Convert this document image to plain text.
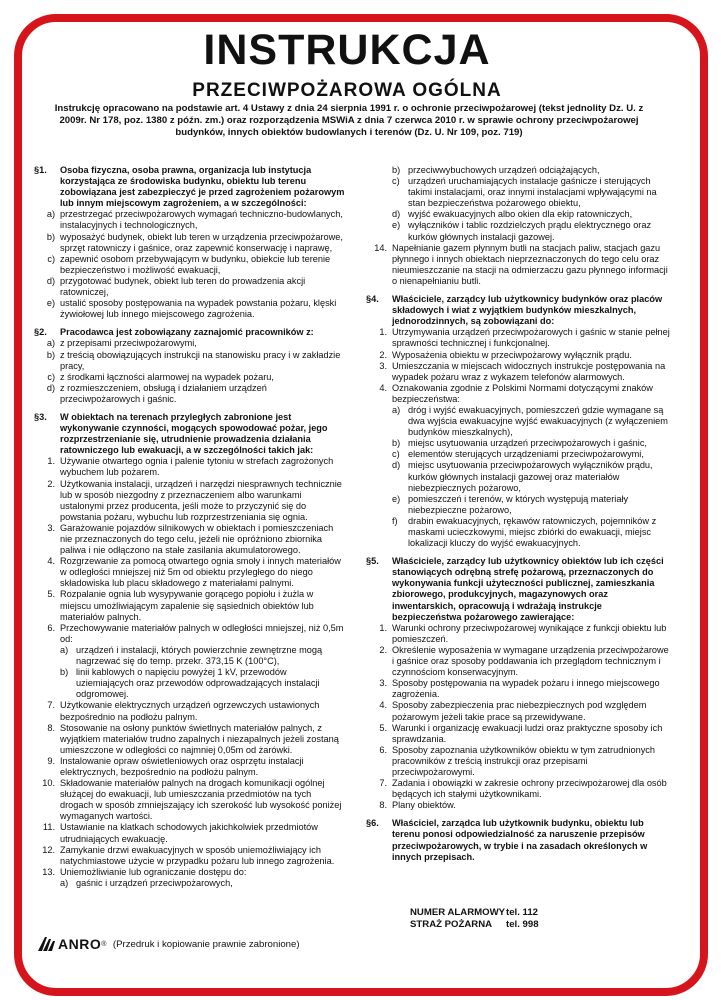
INSTRUKCJA
PRZECIWPOŻAROWA OGÓLNA
Instrukcję opracowano na podstawie art. 4 Ustawy z dnia 24 sierpnia 1991 r. o ochronie przeciwpożarowej (tekst jednolity Dz. U. z 2009r. Nr 178, poz. 1380 z późn. zm.) oraz rozporządzenia MSWiA z dnia 7 czerwca 2010 r. w sprawie ochrony przeciwpożarowej budynków, innych obiektów budowlanych i terenów (Dz. U. Nr 109, poz. 719)
§1.	Osoba fizyczna, osoba prawna, organizacja lub instytucja korzystająca ze środowiska budynku, obiektu lub terenu zobowiązana jest zabezpieczyć je przed zagrożeniem pożarowym lub innym miejscowym zagrożeniem, a w szczególności:
a) przestrzegać przeciwpożarowych wymagań techniczno-budowlanych, instalacyjnych i technologicznych,
b) wyposażyć budynek, obiekt lub teren w urządzenia przeciwpożarowe, sprzęt ratowniczy i gaśnice, oraz zapewnić konserwację i naprawę,
c) zapewnić osobom przebywającym w budynku, obiekcie lub terenie bezpieczeństwo i możliwość ewakuacji,
d) przygotować budynek, obiekt lub teren do prowadzenia akcji ratowniczej,
e) ustalić sposoby postępowania na wypadek powstania pożaru, klęski żywiołowej lub innego miejscowego zagrożenia.
§2.	Pracodawca jest zobowiązany zaznajomić pracowników z:
a) z przepisami przeciwpożarowymi,
b) z treścią obowiązujących instrukcji na stanowisku pracy i w zakładzie pracy,
c) z środkami łączności alarmowej na wypadek pożaru,
d) z rozmieszczeniem, obsługą i działaniem urządzeń przeciwpożarowych i gaśnic.
§3.	W obiektach na terenach przyległych zabronione jest wykonywanie czynności, mogących spowodować pożar, jego rozprzestrzenianie się, utrudnienie prowadzenia działania ratowniczego lub ewakuacji, a w szczególności takich jak:
1. Używanie otwartego ognia i palenie tytoniu w strefach zagrożonych wybuchem lub pożarem.
2. Użytkowania instalacji, urządzeń i narzędzi niesprawnych technicznie lub w sposób niezgodny z przeznaczeniem albo warunkami ustalonymi przez producenta, jeśli może to przyczynić się do powstania pożaru, wybuchu lub rozprzestrzeniania się ognia.
3. Garażowanie pojazdów silnikowych w obiektach i pomieszczeniach nie przeznaczonych do tego celu, jeżeli nie opróżniono zbiornika paliwa i nie odłączono na stałe zasilania akumulatorowego.
4. Rozgrzewanie za pomocą otwartego ognia smoły i innych materiałów w odległości mniejszej niż 5m od obiektu przyległego do niego składowiska lub placu składowego z materiałami palnymi.
5. Rozpalanie ognia lub wysypywanie gorącego popiołu i żużla w miejscu umożliwiającym zapalenie się sąsiednich obiektów lub materiałów palnych.
6. Przechowywanie materiałów palnych w odległości mniejszej, niż 0,5m od:
a) urządzeń i instalacji, których powierzchnie zewnętrzne mogą nagrzewać się do temp. przekr. 373,15 K (100°C),
b) linii kablowych o napięciu powyżej 1 kV, przewodów uziemiających oraz przewodów odprowadzających instalacji odgromowej.
7. Użytkowanie elektrycznych urządzeń ogrzewczych ustawionych bezpośrednio na podłożu palnym.
8. Stosowanie na osłony punktów świetlnych materiałów palnych, z wyjątkiem materiałów trudno zapalnych i niezapalnych jeżeli zostaną umieszczone w odległości co najmniej 0,05m od żarówki.
9. Instalowanie opraw oświetleniowych oraz osprzętu instalacji elektrycznych, bezpośrednio na podłożu palnym.
10. Składowanie materiałów palnych na drogach komunikacji ogólnej służącej do ewakuacji, lub umieszczania przedmiotów na tych drogach w sposób zmniejszający ich szerokość lub wysokość poniżej wymaganych wartości.
11. Ustawianie na klatkach schodowych jakichkolwiek przedmiotów utrudniających ewakuację.
12. Zamykanie drzwi ewakuacyjnych w sposób uniemożliwiający ich natychmiastowe użycie w przypadku pożaru lub innego zagrożenia.
13. Uniemożliwianie lub ograniczanie dostępu do:
a) gaśnic i urządzeń przeciwpożarowych,
b) przeciwwybuchowych urządzeń odciążających,
c) urządzeń uruchamiających instalacje gaśnicze i sterujących takimi instalacjami, oraz innymi instalacjami wpływającymi na stan bezpieczeństwa pożarowego obiektu,
d) wyjść ewakuacyjnych albo okien dla ekip ratowniczych,
e) wyłączników i tablic rozdzielczych prądu elektrycznego oraz kurków głównych instalacji gazowej.
14. Napełnianie gazem płynnym butli na stacjach paliw, stacjach gazu płynnego i innych obiektach nieprzeznaczonych do tego celu oraz nieumieszczanie na stacji na odmierzaczu gazu płynnego informacji o nienapełnianiu butli.
§4.	Właściciele, zarządcy lub użytkownicy budynków oraz placów składowych i wiat z wyjątkiem budynków mieszkalnych, jednorodzinnych, są zobowiązani do:
1. Utrzymywania urządzeń przeciwpożarowych i gaśnic w stanie pełnej sprawności technicznej i funkcjonalnej.
2. Wyposażenia obiektu w przeciwpożarowy wyłącznik prądu.
3. Umieszczania w miejscach widocznych instrukcje postępowania na wypadek pożaru wraz z wykazem telefonów alarmowych.
4. Oznakowania zgodnie z Polskimi Normami dotyczącymi znaków bezpieczeństwa:
a) dróg i wyjść ewakuacyjnych, pomieszczeń gdzie wymagane są dwa wyjścia ewakuacyjne wyjść ewakuacyjnych (z wyłączeniem budynków mieszkalnych),
b) miejsc usytuowania urządzeń przeciwpożarowych i gaśnic,
c) elementów sterujących urządzeniami przeciwpożarowymi,
d) miejsc usytuowania przeciwpożarowych wyłączników prądu, kurków głównych instalacji gazowej oraz materiałów niebezpiecznych pożarowo,
e) pomieszczeń i terenów, w których występują materiały niebezpieczne pożarowo,
f)	drabin ewakuacyjnych, rękawów ratowniczych, pojemników z maskami ucieczkowymi, miejsc zbiórki do ewakuacji, miejsc lokalizacji kluczy do wyjść ewakuacyjnych.
§5.	Właściciele, zarządcy lub użytkownicy obiektów lub ich części stanowiących odrębną strefę pożarową, przeznaczonych do wykonywania funkcji użyteczności publicznej, zamieszkania zbiorowego, produkcyjnych, magazynowych oraz inwentarskich, opracowują i wdrażają instrukcje bezpieczeństwa pożarowego zawierające:
1. Warunki ochrony przeciwpożarowej wynikające z funkcji obiektu lub pomieszczeń.
2. Określenie wyposażenia w wymagane urządzenia przeciwpożarowe i gaśnice oraz sposoby poddawania ich przeglądom technicznym i czynnościom konserwacyjnym.
3. Sposoby postępowania na wypadek pożaru i innego miejscowego zagrożenia.
4. Sposoby zabezpieczenia prac niebezpiecznych pod względem pożarowym jeżeli takie prace są przewidywane.
5. Warunki i organizację ewakuacji ludzi oraz praktyczne sposoby ich sprawdzania.
6. Sposoby zapoznania użytkowników obiektu w tym zatrudnionych pracowników z treścią instrukcji oraz przepisami przeciwpożarowymi.
7. Zadania i obowiązki w zakresie ochrony przeciwpożarowej dla osób będących ich stałymi użytkownikami.
8. Plany obiektów.
§6.	Właściciel, zarządca lub użytkownik budynku, obiektu lub terenu ponosi odpowiedzialność za naruszenie przepisów przeciwpożarowych, w trybie i na zasadach określonych w innych przepisach.
NUMER ALARMOWY tel. 112
STRAŻ POŻARNA	tel. 998
ANRO ® (Przedruk i kopiowanie prawnie zabronione)
